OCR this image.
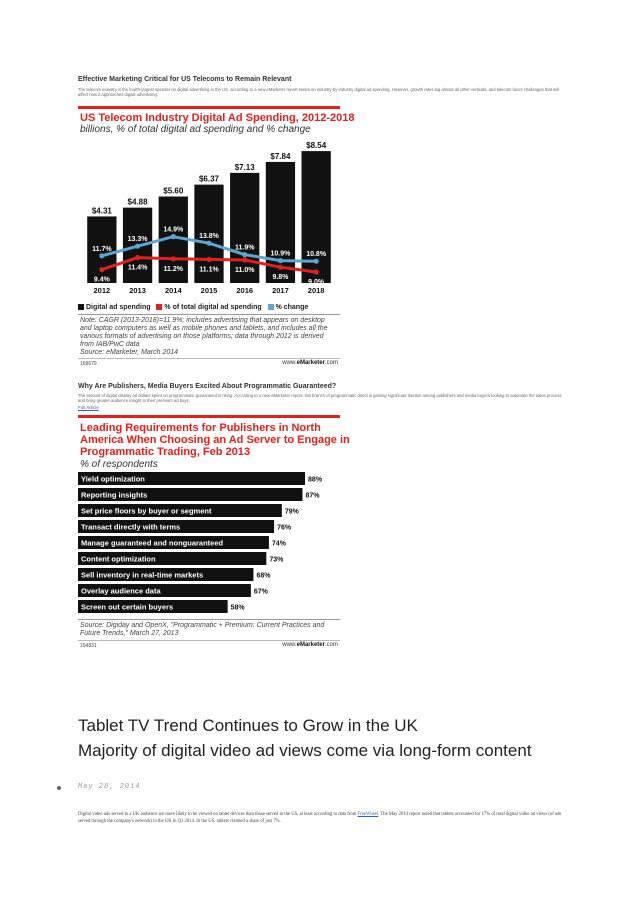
Effective Marketing Critical for US Telecoms to Remain Relevant
The telecom industry is the fourth-largest spender on digital advertising in the US, according to a new eMarketer report series on industry-by-industry digital ad spending. However, growth rates lag almost all other verticals, and telecom faces challenges that will affect how it approaches digital advertising.
US Telecom Industry Digital Ad Spending, 2012-2018
billions, % of total digital ad spending and % change
$4.31
2012
$4.88
2013
$5.60
2014
$6.37
2015
$7.13
2016
$7.84
2017
$8.54
2018
11.7%
13.3%
14.9%
13.8%
11.9%
10.9% 10.8%
9.4%
11.4% 11.2% 11.1% 11.0%
9.8%
9.0%
Digital ad spending % of total digital ad spending % change
Note: CAGR (2013-2018)=11.9%; includes advertising that appears on desktop and laptop computers as well as mobile phones and tablets, and includes all the various formats of advertising on those platforms; data through 2012 is derived from IAB/PwC data
Source: eMarketer, March 2014
169679	www.eMarketer.com
Why Are Publishers, Media Buyers Excited About Programmatic Guaranteed?
The amount of digital display ad dollars spent on programmatic guaranteed is rising. According to a new eMarketer report, this branch of programmatic direct is gaining significant traction among publishers and media buyers looking to automate the sales process and bring greater audience insight to their premium ad buys.
Full Article
Leading Requirements for Publishers in North
America When Choosing an Ad Server to Engage in
Programmatic Trading, Feb 2013
% of respondents
Yield optimization	88%
Reporting insights	87%
Set price floors by buyer or segment	79%
Transact directly with terms	76%
Manage guaranteed and nonguaranteed	74%
Content optimization	73%
Sell inventory in real-time markets	68%
Overlay audience data	67%
Screen out certain buyers	58%
Source: Digiday and OpenX, "Programmatic + Premium: Current Practices and Future Trends," March 27, 2013
154831	www.eMarketer.com
Tablet TV Trend Continues to Grow in the UK
Majority of digital video ad views come via long-form content
May 28, 2014
Digital video ads served to a UK audience are more likely to be viewed on tablet devices than those served in the US, at least according to data from FreeWheel. The May 2014 report noted that tablets accounted for 17% of total digital video ad views (of ads served through the company's network) in the UK in Q1 2014. In the US, tablets claimed a share of just 7%.
